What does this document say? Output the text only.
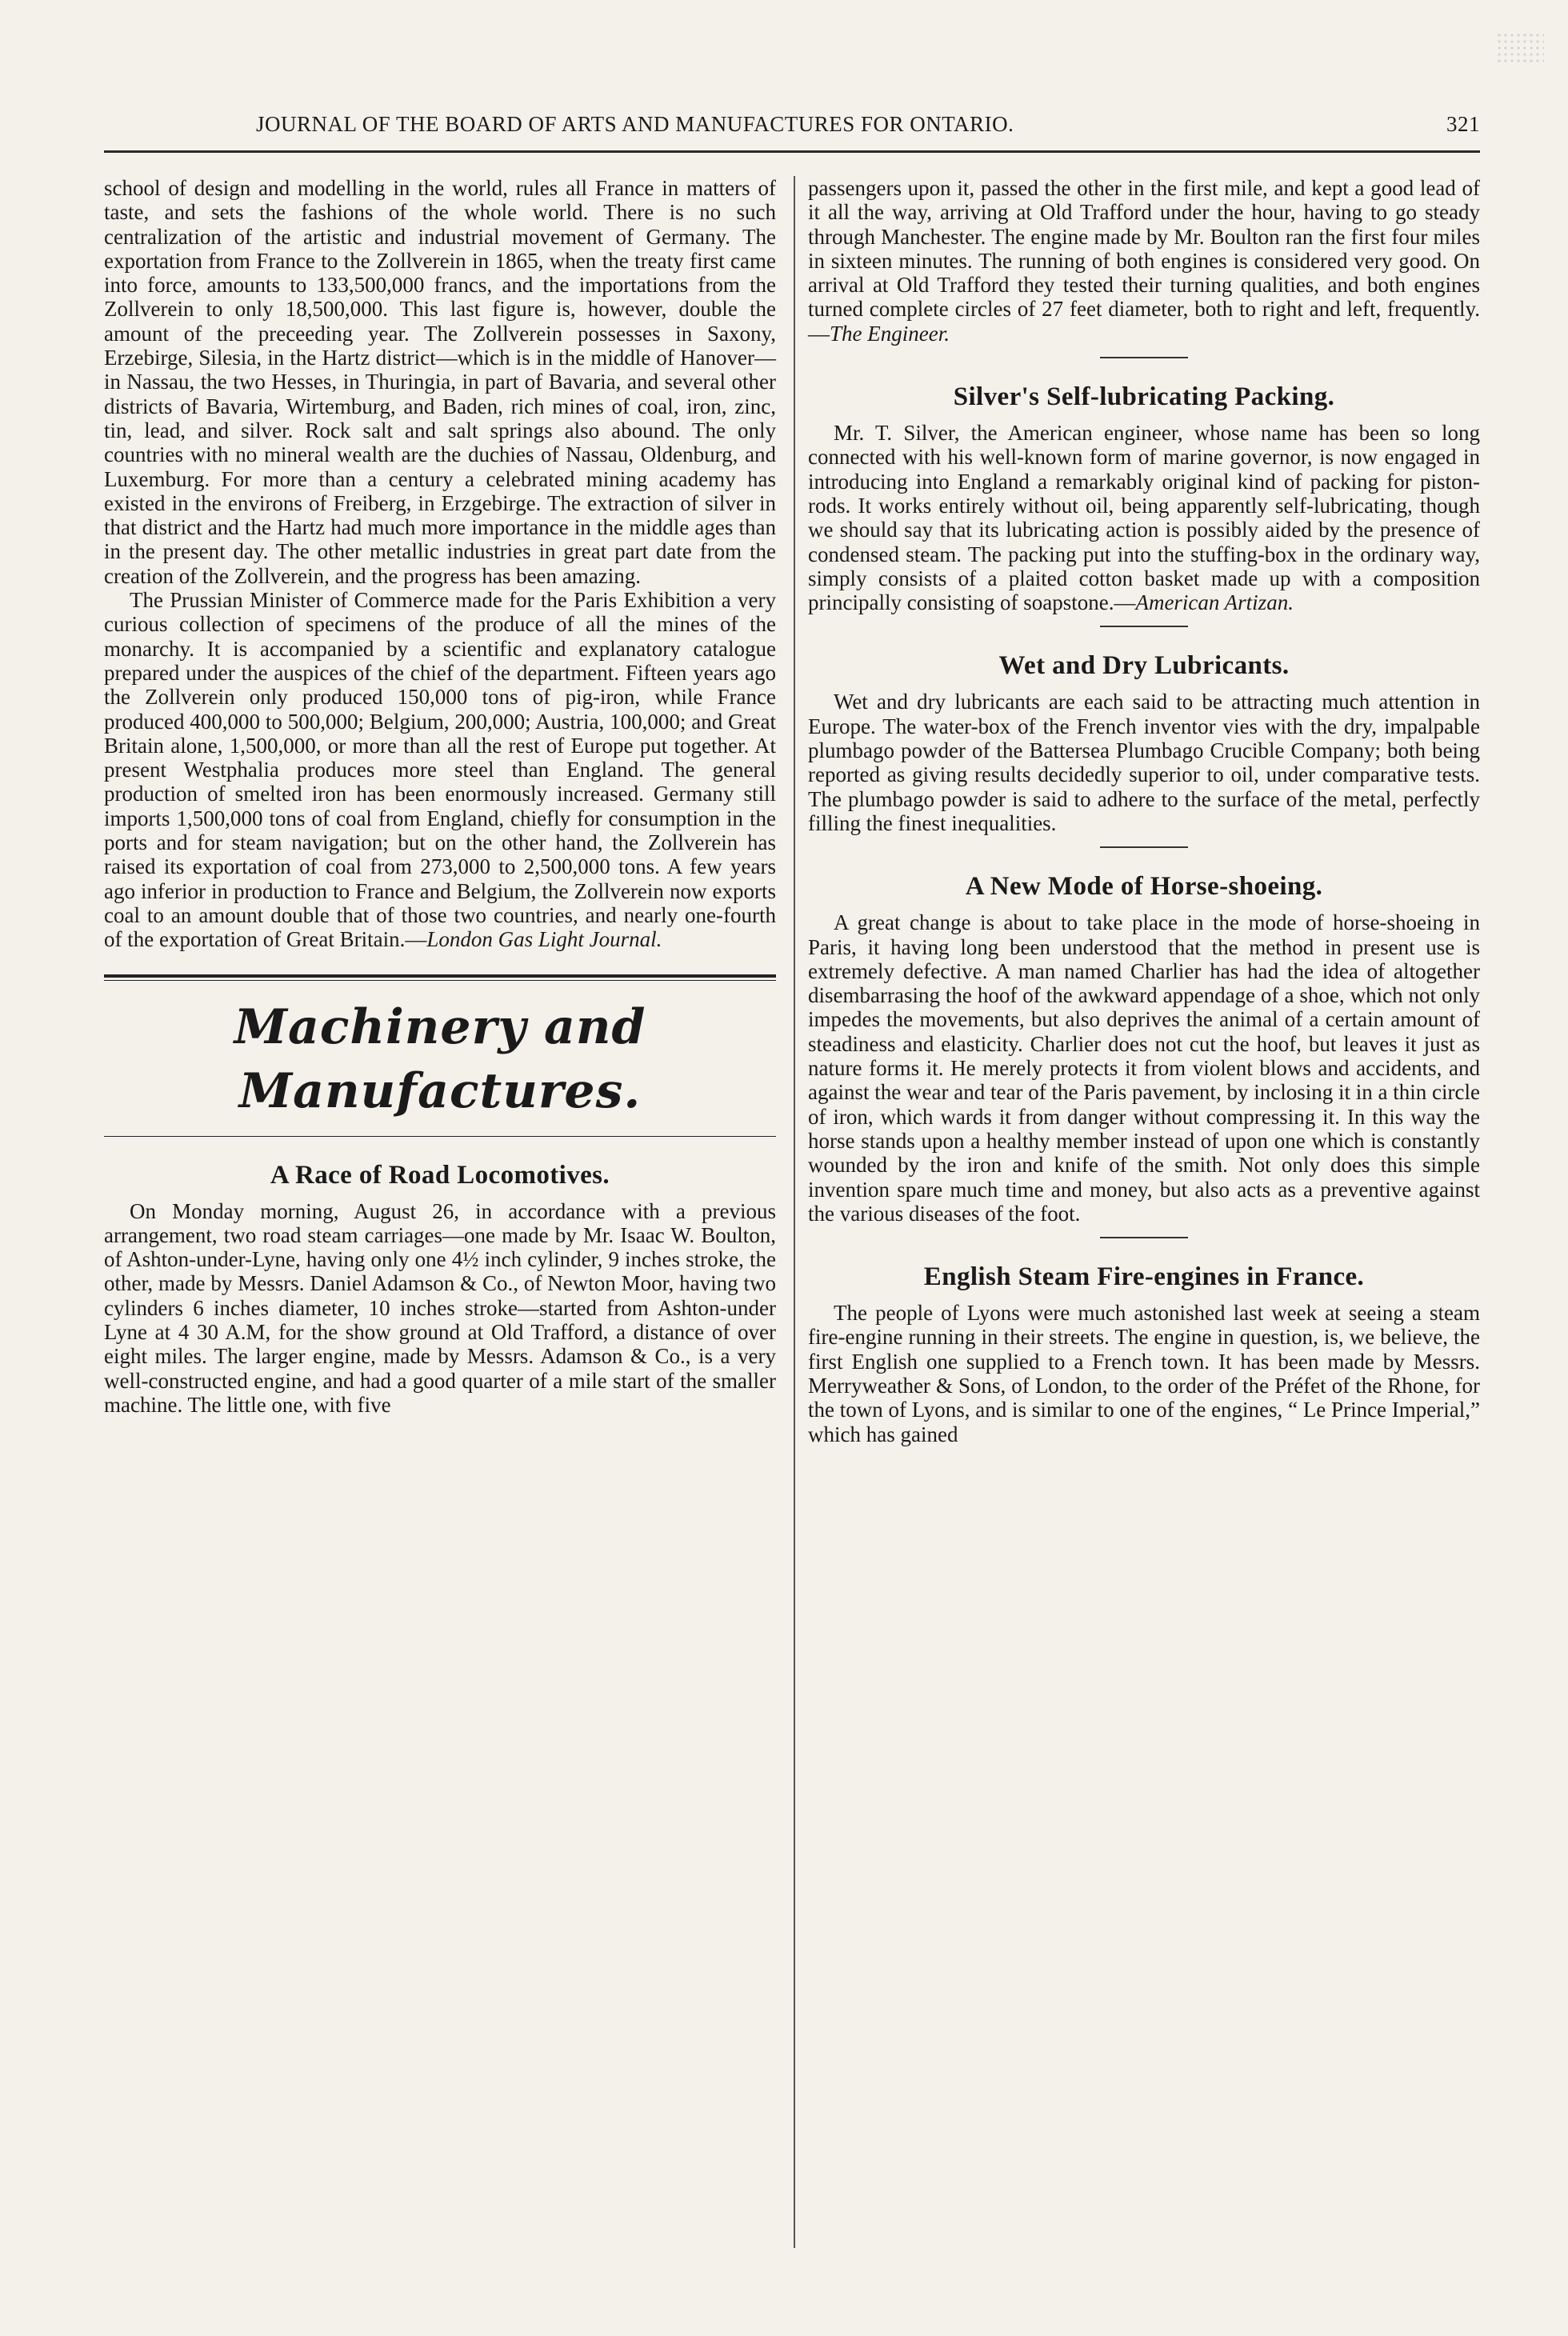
JOURNAL OF THE BOARD OF ARTS AND MANUFACTURES FOR ONTARIO.	321

school of design and modelling in the world, rules all France in matters of taste, and sets the fashions of the whole world. There is no such centralization of the artistic and industrial movement of Germany. The exportation from France to the Zollverein in 1865, when the treaty first came into force, amounts to 133,500,000 francs, and the importations from the Zollverein to only 18,500,000. This last figure is, however, double the amount of the preceeding year. The Zollverein possesses in Saxony, Erzebirge, Silesia, in the Hartz district—which is in the middle of Hanover—in Nassau, the two Hesses, in Thuringia, in part of Bavaria, and several other districts of Bavaria, Wirtemburg, and Baden, rich mines of coal, iron, zinc, tin, lead, and silver. Rock salt and salt springs also abound. The only countries with no mineral wealth are the duchies of Nassau, Oldenburg, and Luxemburg. For more than a century a celebrated mining academy has existed in the environs of Freiberg, in Erzgebirge. The extraction of silver in that district and the Hartz had much more importance in the middle ages than in the present day. The other metallic industries in great part date from the creation of the Zollverein, and the progress has been amazing.

The Prussian Minister of Commerce made for the Paris Exhibition a very curious collection of specimens of the produce of all the mines of the monarchy. It is accompanied by a scientific and explanatory catalogue prepared under the auspices of the chief of the department. Fifteen years ago the Zollverein only produced 150,000 tons of pig-iron, while France produced 400,000 to 500,000; Belgium, 200,000; Austria, 100,000; and Great Britain alone, 1,500,000, or more than all the rest of Europe put together. At present Westphalia produces more steel than England. The general production of smelted iron has been enormously increased. Germany still imports 1,500,000 tons of coal from England, chiefly for consumption in the ports and for steam navigation; but on the other hand, the Zollverein has raised its exportation of coal from 273,000 to 2,500,000 tons. A few years ago inferior in production to France and Belgium, the Zollverein now exports coal to an amount double that of those two countries, and nearly one-fourth of the exportation of Great Britain.—London Gas Light Journal.

Machinery and Manufactures.
A Race of Road Locomotives.

On Monday morning, August 26, in accordance with a previous arrangement, two road steam carriages—one made by Mr. Isaac W. Boulton, of Ashton-under-Lyne, having only one 4½ inch cylinder, 9 inches stroke, the other, made by Messrs. Daniel Adamson & Co., of Newton Moor, having two cylinders 6 inches diameter, 10 inches stroke—started from Ashton-under Lyne at 4 30 A.M, for the show ground at Old Trafford, a distance of over eight miles. The larger engine, made by Messrs. Adamson & Co., is a very well-constructed engine, and had a good quarter of a mile start of the smaller machine. The little one, with five

passengers upon it, passed the other in the first mile, and kept a good lead of it all the way, arriving at Old Trafford under the hour, having to go steady through Manchester. The engine made by Mr. Boulton ran the first four miles in sixteen minutes. The running of both engines is considered very good. On arrival at Old Trafford they tested their turning qualities, and both engines turned complete circles of 27 feet diameter, both to right and left, frequently.—The Engineer.

Silver's Self-lubricating Packing.

Mr. T. Silver, the American engineer, whose name has been so long connected with his well-known form of marine governor, is now engaged in introducing into England a remarkably original kind of packing for piston-rods. It works entirely without oil, being apparently self-lubricating, though we should say that its lubricating action is possibly aided by the presence of condensed steam. The packing put into the stuffing-box in the ordinary way, simply consists of a plaited cotton basket made up with a composition principally consisting of soapstone.—American Artizan.

Wet and Dry Lubricants.

Wet and dry lubricants are each said to be attracting much attention in Europe. The water-box of the French inventor vies with the dry, impalpable plumbago powder of the Battersea Plumbago Crucible Company; both being reported as giving results decidedly superior to oil, under comparative tests. The plumbago powder is said to adhere to the surface of the metal, perfectly filling the finest inequalities.

A New Mode of Horse-shoeing.

A great change is about to take place in the mode of horse-shoeing in Paris, it having long been understood that the method in present use is extremely defective. A man named Charlier has had the idea of altogether disembarrasing the hoof of the awkward appendage of a shoe, which not only impedes the movements, but also deprives the animal of a certain amount of steadiness and elasticity. Charlier does not cut the hoof, but leaves it just as nature forms it. He merely protects it from violent blows and accidents, and against the wear and tear of the Paris pavement, by inclosing it in a thin circle of iron, which wards it from danger without compressing it. In this way the horse stands upon a healthy member instead of upon one which is constantly wounded by the iron and knife of the smith. Not only does this simple invention spare much time and money, but also acts as a preventive against the various diseases of the foot.

English Steam Fire-engines in France.

The people of Lyons were much astonished last week at seeing a steam fire-engine running in their streets. The engine in question, is, we believe, the first English one supplied to a French town. It has been made by Messrs. Merryweather & Sons, of London, to the order of the Préfet of the Rhone, for the town of Lyons, and is similar to one of the engines, “ Le Prince Imperial,” which has gained
